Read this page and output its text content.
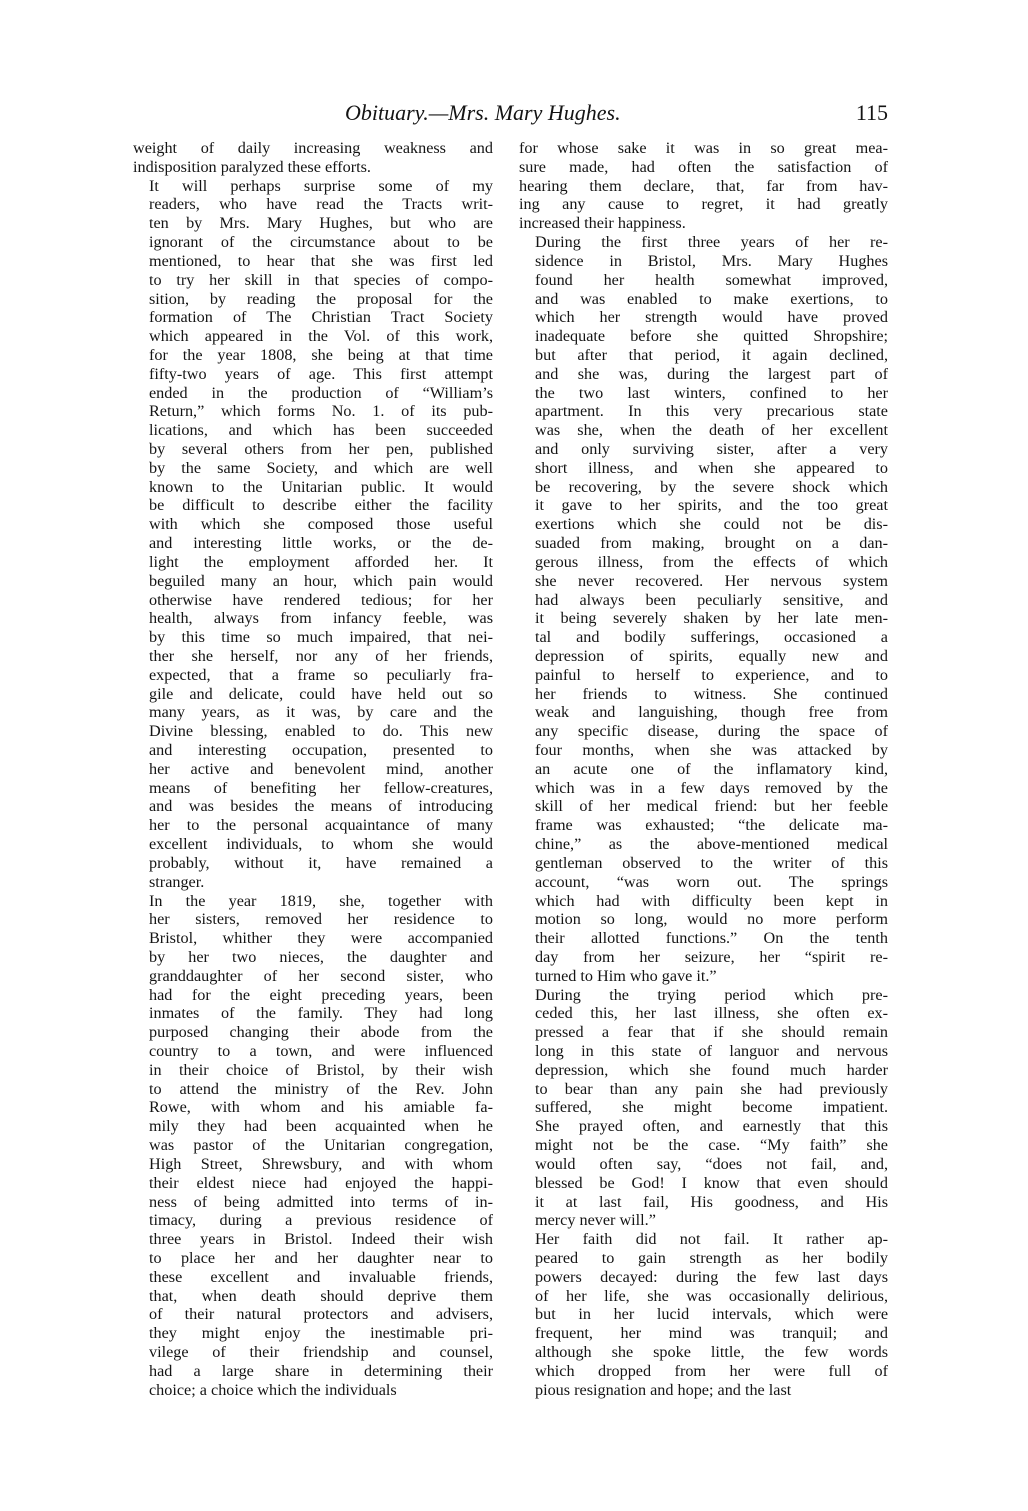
Obituary.—Mrs. Mary Hughes.	115

weight of daily increasing weakness and
indisposition paralyzed these efforts.

It will perhaps surprise some of my
readers, who have read the Tracts writ-
ten by Mrs. Mary Hughes, but who are
ignorant of the circumstance about to be
mentioned, to hear that she was first led
to try her skill in that species of compo-
sition, by reading the proposal for the
formation of The Christian Tract Society
which appeared in the Vol. of this work,
for the year 1808, she being at that time
fifty-two years of age. This first attempt
ended in the production of “William’s
Return,” which forms No. 1. of its pub-
lications, and which has been succeeded
by several others from her pen, published
by the same Society, and which are well
known to the Unitarian public. It would
be difficult to describe either the facility
with which she composed those useful
and interesting little works, or the de-
light the employment afforded her. It
beguiled many an hour, which pain would
otherwise have rendered tedious; for her
health, always from infancy feeble, was
by this time so much impaired, that nei-
ther she herself, nor any of her friends,
expected, that a frame so peculiarly fra-
gile and delicate, could have held out so
many years, as it was, by care and the
Divine blessing, enabled to do. This new
and interesting occupation, presented to
her active and benevolent mind, another
means of benefiting her fellow-creatures,
and was besides the means of introducing
her to the personal acquaintance of many
excellent individuals, to whom she would
probably, without it, have remained a
stranger.

In the year 1819, she, together with
her sisters, removed her residence to
Bristol, whither they were accompanied
by her two nieces, the daughter and
granddaughter of her second sister, who
had for the eight preceding years, been
inmates of the family. They had long
purposed changing their abode from the
country to a town, and were influenced
in their choice of Bristol, by their wish
to attend the ministry of the Rev. John
Rowe, with whom and his amiable fa-
mily they had been acquainted when he
was pastor of the Unitarian congregation,
High Street, Shrewsbury, and with whom
their eldest niece had enjoyed the happi-
ness of being admitted into terms of in-
timacy, during a previous residence of
three years in Bristol. Indeed their wish
to place her and her daughter near to
these excellent and invaluable friends,
that, when death should deprive them
of their natural protectors and advisers,
they might enjoy the inestimable pri-
vilege of their friendship and counsel,
had a large share in determining their
choice; a choice which the individuals

for whose sake it was in so great mea-
sure made, had often the satisfaction of
hearing them declare, that, far from hav-
ing any cause to regret, it had greatly
increased their happiness.

During the first three years of her re-
sidence in Bristol, Mrs. Mary Hughes
found her health somewhat improved,
and was enabled to make exertions, to
which her strength would have proved
inadequate before she quitted Shropshire;
but after that period, it again declined,
and she was, during the largest part of
the two last winters, confined to her
apartment. In this very precarious state
was she, when the death of her excellent
and only surviving sister, after a very
short illness, and when she appeared to
be recovering, by the severe shock which
it gave to her spirits, and the too great
exertions which she could not be dis-
suaded from making, brought on a dan-
gerous illness, from the effects of which
she never recovered. Her nervous system
had always been peculiarly sensitive, and
it being severely shaken by her late men-
tal and bodily sufferings, occasioned a
depression of spirits, equally new and
painful to herself to experience, and to
her friends to witness. She continued
weak and languishing, though free from
any specific disease, during the space of
four months, when she was attacked by
an acute one of the inflamatory kind,
which was in a few days removed by the
skill of her medical friend: but her feeble
frame was exhausted; “the delicate ma-
chine,” as the above-mentioned medical
gentleman observed to the writer of this
account, “was worn out. The springs
which had with difficulty been kept in
motion so long, would no more perform
their allotted functions.” On the tenth
day from her seizure, her “spirit re-
turned to Him who gave it.”

During the trying period which pre-
ceded this, her last illness, she often ex-
pressed a fear that if she should remain
long in this state of languor and nervous
depression, which she found much harder
to bear than any pain she had previously
suffered, she might become impatient.
She prayed often, and earnestly that this
might not be the case. “My faith” she
would often say, “does not fail, and,
blessed be God! I know that even should
it at last fail, His goodness, and His
mercy never will.”

Her faith did not fail. It rather ap-
peared to gain strength as her bodily
powers decayed: during the few last days
of her life, she was occasionally delirious,
but in her lucid intervals, which were
frequent, her mind was tranquil; and
although she spoke little, the few words
which dropped from her were full of
pious resignation and hope; and the last
